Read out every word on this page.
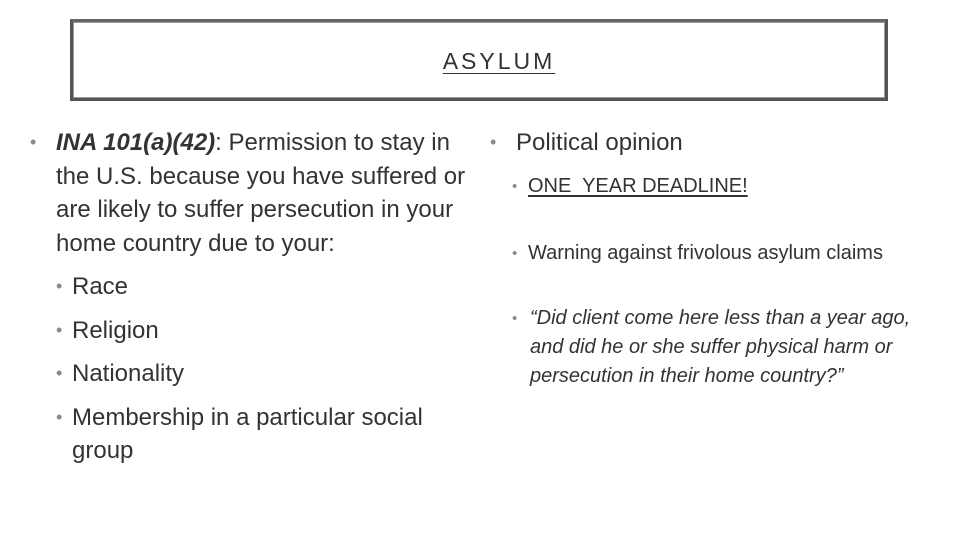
ASYLUM
• INA 101(a)(42): Permission to stay in the U.S. because you have suffered or are likely to suffer persecution in your home country due to your:
• Race
• Religion
• Nationality
• Membership in a particular social group
• Political opinion
• ONE  YEAR DEADLINE!
• Warning against frivolous asylum claims
• “Did client come here less than a year ago, and did he or she suffer physical harm or persecution in their home country?”
